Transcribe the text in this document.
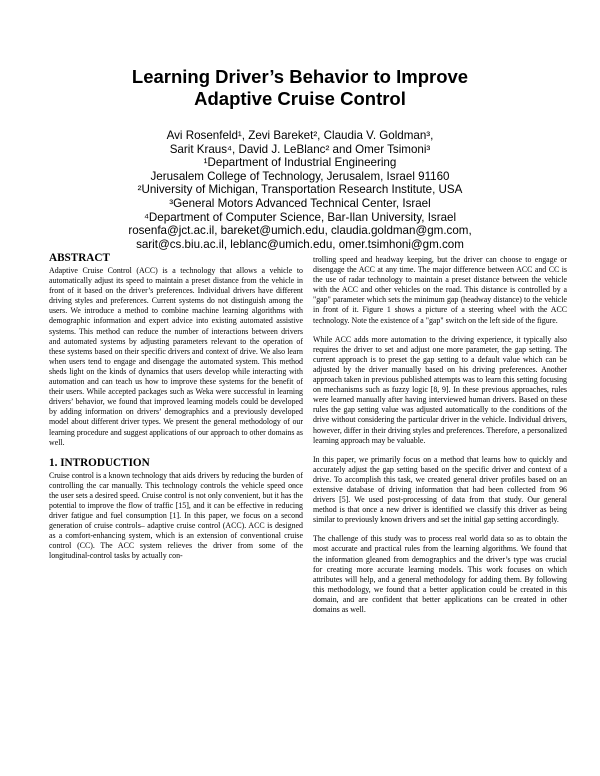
Learning Driver’s Behavior to Improve
Adaptive Cruise Control
Avi Rosenfeld¹, Zevi Bareket², Claudia V. Goldman³,
Sarit Kraus⁴, David J. LeBlanc² and Omer Tsimoni³
¹Department of Industrial Engineering
Jerusalem College of Technology, Jerusalem, Israel 91160
²University of Michigan, Transportation Research Institute, USA
³General Motors Advanced Technical Center, Israel
⁴Department of Computer Science, Bar-Ilan University, Israel
rosenfa@jct.ac.il, bareket@umich.edu, claudia.goldman@gm.com,
sarit@cs.biu.ac.il, leblanc@umich.edu, omer.tsimhoni@gm.com
ABSTRACT

Adaptive Cruise Control (ACC) is a technology that allows a vehicle to automatically adjust its speed to maintain a preset distance from the vehicle in front of it based on the driver’s preferences. Individual drivers have different driving styles and preferences. Current systems do not distinguish among the users. We introduce a method to combine machine learning algorithms with demographic information and expert advice into existing automated assistive systems. This method can reduce the number of interactions between drivers and automated systems by adjusting parameters relevant to the operation of these systems based on their specific drivers and context of drive. We also learn when users tend to engage and disengage the automated system. This method sheds light on the kinds of dynamics that users develop while interacting with automation and can teach us how to improve these systems for the benefit of their users. While accepted packages such as Weka were successful in learning drivers’ behavior, we found that improved learning models could be developed by adding information on drivers’ demographics and a previously developed model about different driver types. We present the general methodology of our learning procedure and suggest applications of our approach to other domains as well.

1. INTRODUCTION

Cruise control is a known technology that aids drivers by reducing the burden of controlling the car manually. This technology controls the vehicle speed once the user sets a desired speed. Cruise control is not only convenient, but it has the potential to improve the flow of traffic [15], and it can be effective in reducing driver fatigue and fuel consumption [1]. In this paper, we focus on a second generation of cruise controls– adaptive cruise control (ACC). ACC is designed as a comfort-enhancing system, which is an extension of conventional cruise control (CC). The ACC system relieves the driver from some of the longitudinal-control tasks by actually con-

trolling speed and headway keeping, but the driver can choose to engage or disengage the ACC at any time. The major difference between ACC and CC is the use of radar technology to maintain a preset distance between the vehicle with the ACC and other vehicles on the road. This distance is controlled by a "gap" parameter which sets the minimum gap (headway distance) to the vehicle in front of it. Figure 1 shows a picture of a steering wheel with the ACC technology. Note the existence of a "gap" switch on the left side of the figure.

While ACC adds more automation to the driving experience, it typically also requires the driver to set and adjust one more parameter, the gap setting. The current approach is to preset the gap setting to a default value which can be adjusted by the driver manually based on his driving preferences. Another approach taken in previous published attempts was to learn this setting focusing on mechanisms such as fuzzy logic [8, 9]. In these previous approaches, rules were learned manually after having interviewed human drivers. Based on these rules the gap setting value was adjusted automatically to the conditions of the drive without considering the particular driver in the vehicle. Individual drivers, however, differ in their driving styles and preferences. Therefore, a personalized learning approach may be valuable.

In this paper, we primarily focus on a method that learns how to quickly and accurately adjust the gap setting based on the specific driver and context of a drive. To accomplish this task, we created general driver profiles based on an extensive database of driving information that had been collected from 96 drivers [5]. We used post-processing of data from that study. Our general method is that once a new driver is identified we classify this driver as being similar to previously known drivers and set the initial gap setting accordingly.

The challenge of this study was to process real world data so as to obtain the most accurate and practical rules from the learning algorithms. We found that the information gleaned from demographics and the driver’s type was crucial for creating more accurate learning models. This work focuses on which attributes will help, and a general methodology for adding them. By following this methodology, we found that a better application could be created in this domain, and are confident that better applications can be created in other domains as well.
